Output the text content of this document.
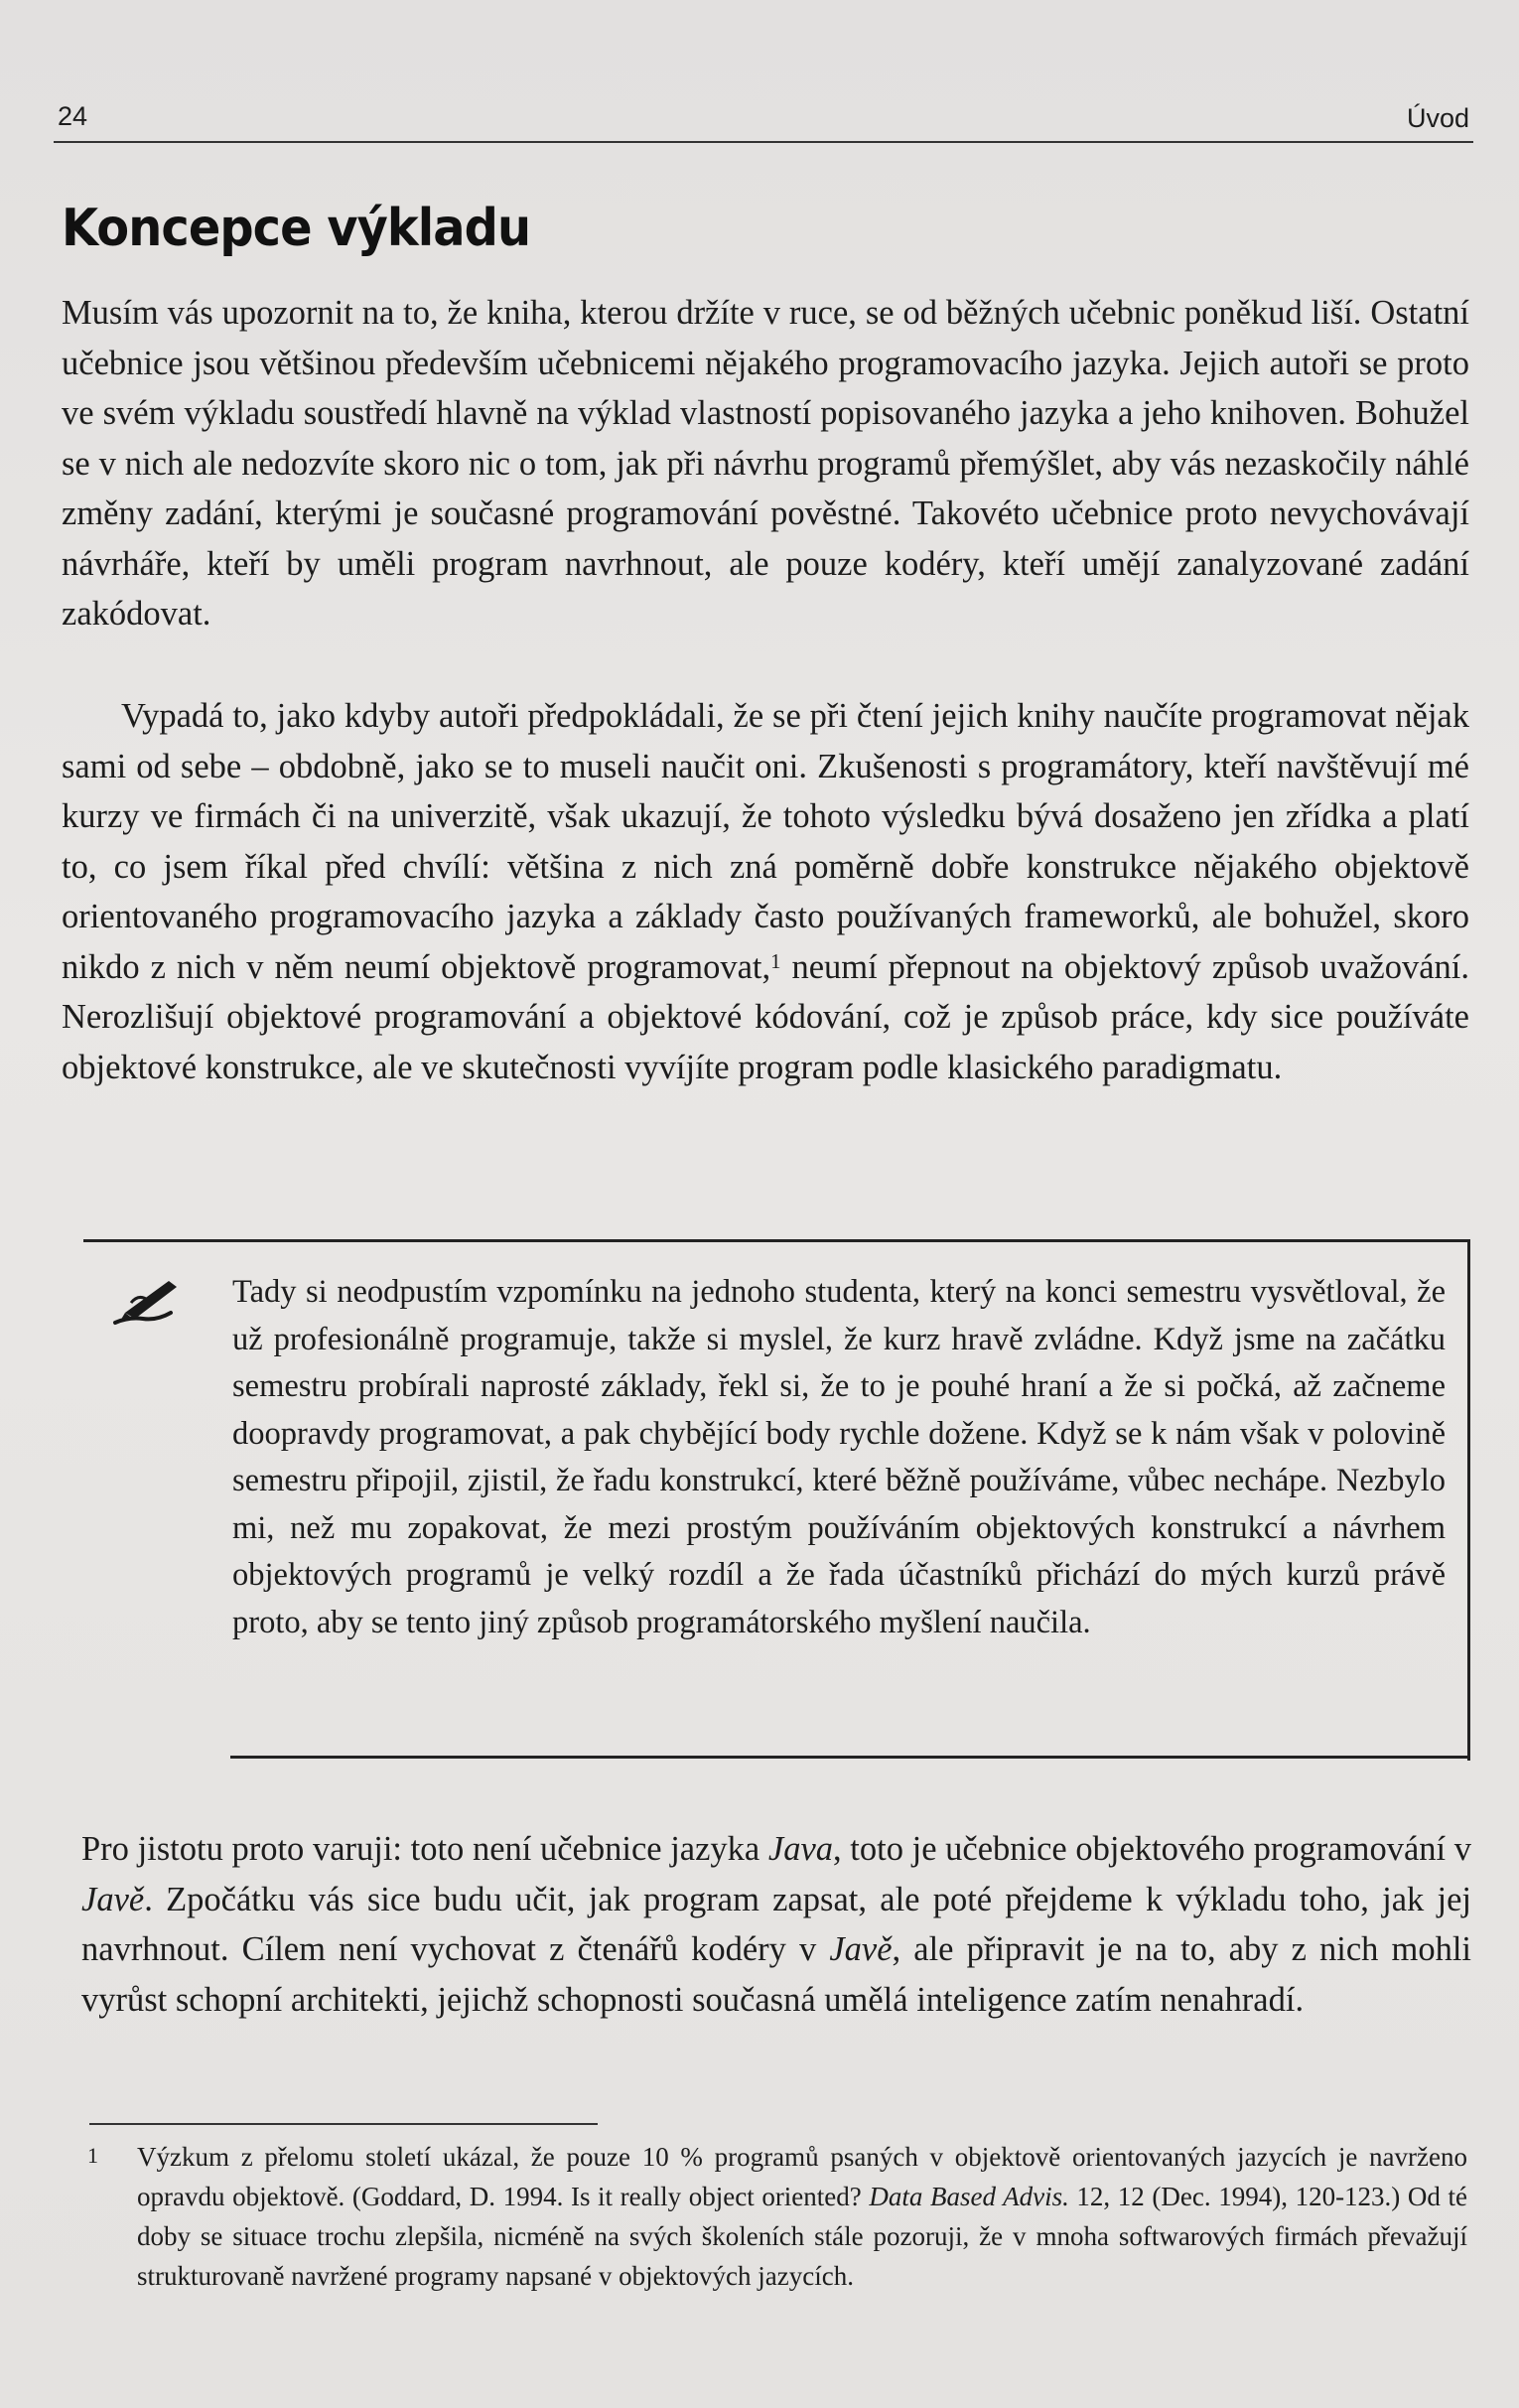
24	Úvod
Koncepce výkladu

Musím vás upozornit na to, že kniha, kterou držíte v ruce, se od běžných učebnic poněkud liší. Ostatní učebnice jsou většinou především učebnicemi nějakého programovacího jazyka. Jejich autoři se proto ve svém výkladu soustředí hlavně na výklad vlastností popisovaného jazyka a jeho knihoven. Bohužel se v nich ale nedozvíte skoro nic o tom, jak při návrhu programů přemýšlet, aby vás nezaskočily náhlé změny zadání, kterými je současné programování pověstné. Takovéto učebnice proto nevychovávají návrháře, kteří by uměli program navrhnout, ale pouze kodéry, kteří umějí zanalyzované zadání zakódovat.

Vypadá to, jako kdyby autoři předpokládali, že se při čtení jejich knihy naučíte programovat nějak sami od sebe – obdobně, jako se to museli naučit oni. Zkušenosti s programátory, kteří navštěvují mé kurzy ve firmách či na univerzitě, však ukazují, že tohoto výsledku bývá dosaženo jen zřídka a platí to, co jsem říkal před chvílí: většina z nich zná poměrně dobře konstrukce nějakého objektově orientovaného programovacího jazyka a základy často používaných frameworků, ale bohužel, skoro nikdo z nich v něm neumí objektově programovat,$^1$ neumí přepnout na objektový způsob uvažování. Nerozlišují objektové programování a objektové kódování, což je způsob práce, kdy sice používáte objektové konstrukce, ale ve skutečnosti vyvíjíte program podle klasického paradigmatu.

Tady si neodpustím vzpomínku na jednoho studenta, který na konci semestru vysvětloval, že už profesionálně programuje, takže si myslel, že kurz hravě zvládne. Když jsme na začátku semestru probírali naprosté základy, řekl si, že to je pouhé hraní a že si počká, až začneme doopravdy programovat, a pak chybějící body rychle dožene. Když se k nám však v polovině semestru připojil, zjistil, že řadu konstrukcí, které běžně používáme, vůbec nechápe. Nezbylo mi, než mu zopakovat, že mezi prostým používáním objektových konstrukcí a návrhem objektových programů je velký rozdíl a že řada účastníků přichází do mých kurzů právě proto, aby se tento jiný způsob programátorského myšlení naučila.

Pro jistotu proto varuji: toto není učebnice jazyka Java, toto je učebnice objektového programování v Javě. Zpočátku vás sice budu učit, jak program zapsat, ale poté přejdeme k výkladu toho, jak jej navrhnout. Cílem není vychovat z čtenářů kodéry v Javě, ale připravit je na to, aby z nich mohli vyrůst schopní architekti, jejichž schopnosti současná umělá inteligence zatím nenahradí.

1 Výzkum z přelomu století ukázal, že pouze 10 % programů psaných v objektově orientovaných jazycích je navrženo opravdu objektově. (Goddard, D. 1994. Is it really object oriented? Data Based Advis. 12, 12 (Dec. 1994), 120-123.) Od té doby se situace trochu zlepšila, nicméně na svých školeních stále pozoruji, že v mnoha softwarových firmách převažují strukturovaně navržené programy napsané v objektových jazycích.
